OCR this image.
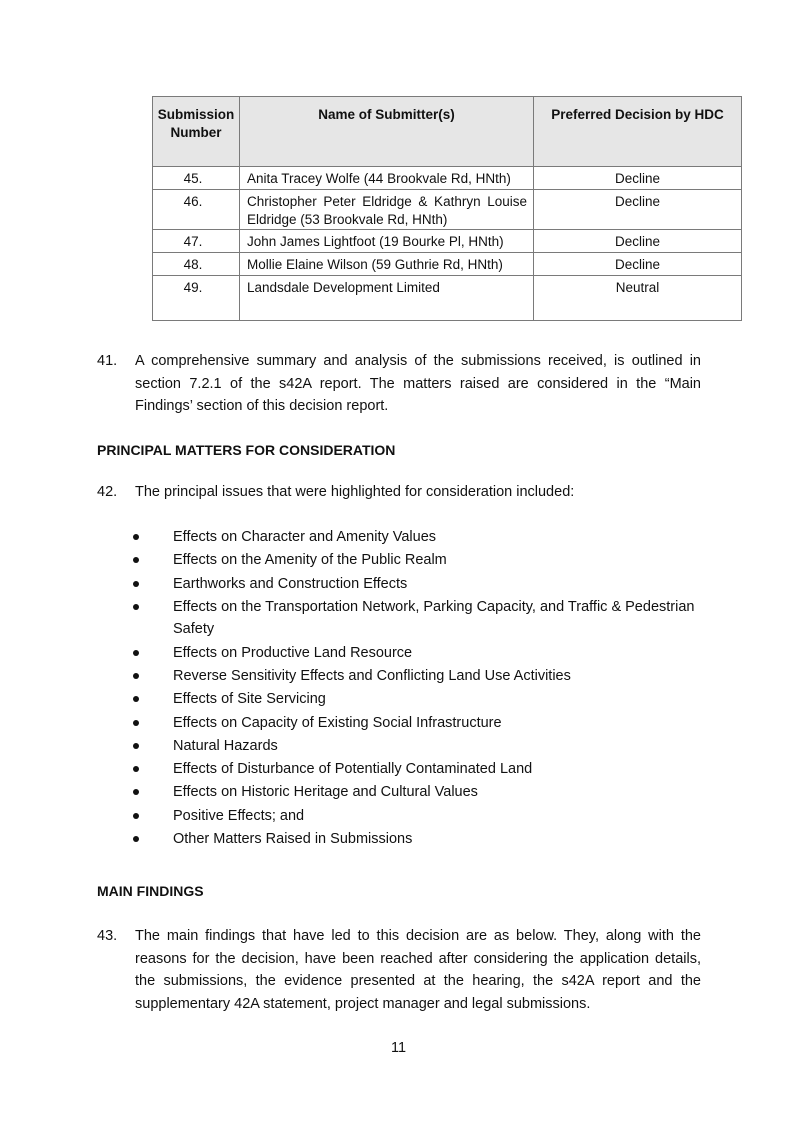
Submission Number	Name of Submitter(s)	Preferred Decision by HDC
45.	Anita Tracey Wolfe (44 Brookvale Rd, HNth)	Decline
46.	Christopher Peter Eldridge & Kathryn Louise Eldridge (53 Brookvale Rd, HNth)	Decline
47.	John James Lightfoot (19 Bourke Pl, HNth)	Decline
48.	Mollie Elaine Wilson (59 Guthrie Rd, HNth)	Decline
49.	Landsdale Development Limited	Neutral
41. A comprehensive summary and analysis of the submissions received, is outlined in section 7.2.1 of the s42A report. The matters raised are considered in the “Main Findings’ section of this decision report.
PRINCIPAL MATTERS FOR CONSIDERATION
42. The principal issues that were highlighted for consideration included:
Effects on Character and Amenity Values
Effects on the Amenity of the Public Realm
Earthworks and Construction Effects
Effects on the Transportation Network, Parking Capacity, and Traffic & Pedestrian Safety
Effects on Productive Land Resource
Reverse Sensitivity Effects and Conflicting Land Use Activities
Effects of Site Servicing
Effects on Capacity of Existing Social Infrastructure
Natural Hazards
Effects of Disturbance of Potentially Contaminated Land
Effects on Historic Heritage and Cultural Values
Positive Effects; and
Other Matters Raised in Submissions
MAIN FINDINGS
43. The main findings that have led to this decision are as below. They, along with the reasons for the decision, have been reached after considering the application details, the submissions, the evidence presented at the hearing, the s42A report and the supplementary 42A statement, project manager and legal submissions.
11
